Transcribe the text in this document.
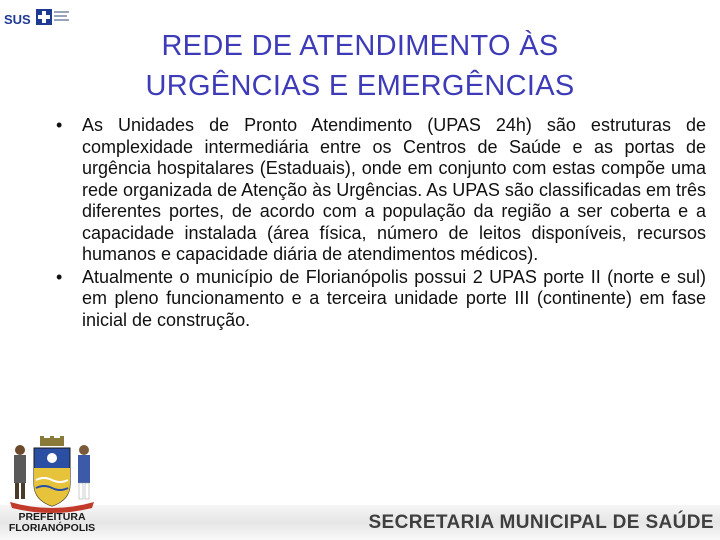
SUS
REDE DE ATENDIMENTO ÀS
URGÊNCIAS E EMERGÊNCIAS

• As Unidades de Pronto Atendimento (UPAS 24h) são estruturas de complexidade intermediária entre os Centros de Saúde e as portas de urgência hospitalares (Estaduais), onde em conjunto com estas compõe uma rede organizada de Atenção às Urgências. As UPAS são classificadas em três diferentes portes, de acordo com a população da região a ser coberta e a capacidade instalada (área física, número de leitos disponíveis, recursos humanos e capacidade diária de atendimentos médicos).

• Atualmente o município de Florianópolis possui 2 UPAS porte II (norte e sul) em pleno funcionamento e a terceira unidade porte III (continente) em fase inicial de construção.

SECRETARIA MUNICIPAL DE SAÚDE
PREFEITURA
FLORIANÓPOLIS
